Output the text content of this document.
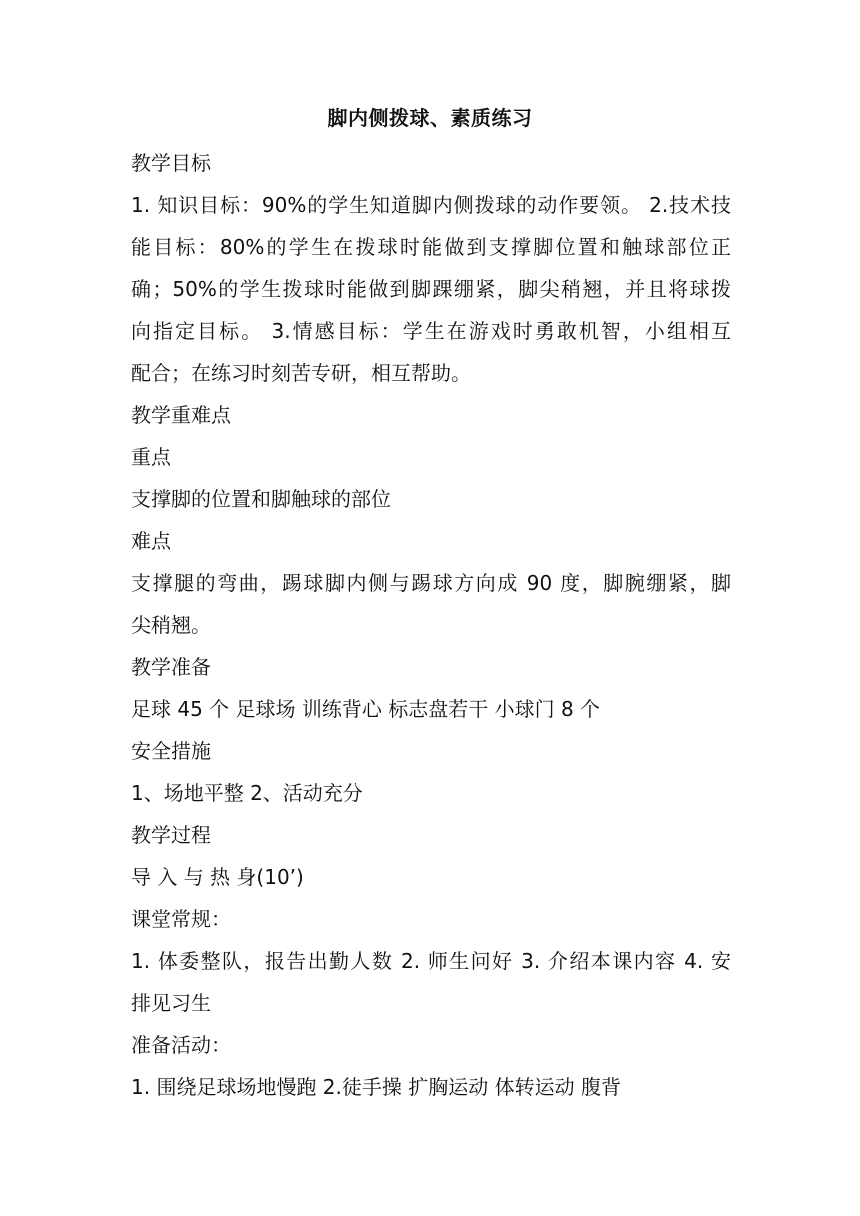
脚内侧拨球、素质练习
教学目标
1. 知识目标：90%的学生知道脚内侧拨球的动作要领。 2.技术技
能目标：80%的学生在拨球时能做到支撑脚位置和触球部位正
确；50%的学生拨球时能做到脚踝绷紧，脚尖稍翘，并且将球拨
向指定目标。 3.情感目标：学生在游戏时勇敢机智，小组相互
配合；在练习时刻苦专研，相互帮助。
教学重难点
重点
支撑脚的位置和脚触球的部位
难点
支撑腿的弯曲，踢球脚内侧与踢球方向成 90 度，脚腕绷紧，脚
尖稍翘。
教学准备
足球 45 个 足球场 训练背心 标志盘若干 小球门 8 个
安全措施
1、场地平整 2、活动充分
教学过程
导 入 与 热 身(10’)
课堂常规：
1. 体委整队，报告出勤人数 2. 师生问好 3. 介绍本课内容 4. 安
排见习生
准备活动：
1. 围绕足球场地慢跑 2.徒手操 扩胸运动 体转运动 腹背
